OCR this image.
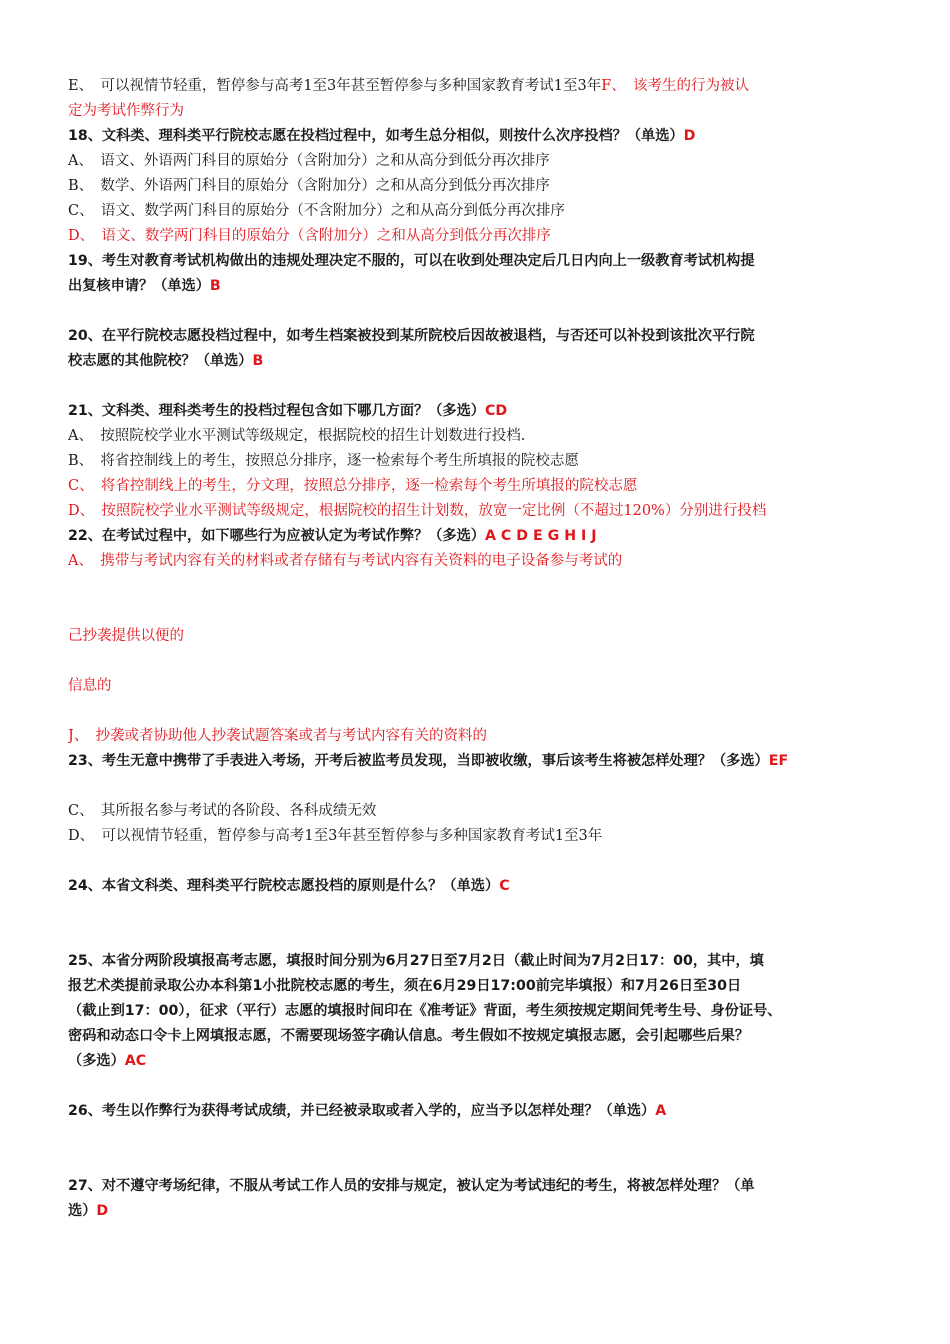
E、　可以视情节轻重，暂停参与高考1至3年甚至暂停参与多种国家教育考试1至3年F、　该考生的行为被认
定为考试作弊行为
18、文科类、理科类平行院校志愿在投档过程中，如考生总分相似，则按什么次序投档？（单选）D
A、　语文、外语两门科目的原始分（含附加分）之和从高分到低分再次排序
B、　数学、外语两门科目的原始分（含附加分）之和从高分到低分再次排序
C、　语文、数学两门科目的原始分（不含附加分）之和从高分到低分再次排序
D、　语文、数学两门科目的原始分（含附加分）之和从高分到低分再次排序
19、考生对教育考试机构做出的违规处理决定不服的，可以在收到处理决定后几日内向上一级教育考试机构提
出复核申请？（单选）B
20、在平行院校志愿投档过程中，如考生档案被投到某所院校后因故被退档，与否还可以补投到该批次平行院
校志愿的其他院校？（单选）B
21、文科类、理科类考生的投档过程包含如下哪几方面？（多选）CD
A、　按照院校学业水平测试等级规定，根据院校的招生计划数进行投档.
B、　将省控制线上的考生，按照总分排序，逐一检索每个考生所填报的院校志愿
C、　将省控制线上的考生，分文理，按照总分排序，逐一检索每个考生所填报的院校志愿
D、　按照院校学业水平测试等级规定，根据院校的招生计划数，放宽一定比例（不超过120%）分别进行投档
22、在考试过程中，如下哪些行为应被认定为考试作弊？（多选）A C D E G H I J
A、　携带与考试内容有关的材料或者存储有与考试内容有关资料的电子设备参与考试的
己抄袭提供以便的
信息的
J、　抄袭或者协助他人抄袭试题答案或者与考试内容有关的资料的
23、考生无意中携带了手表进入考场，开考后被监考员发现，当即被收缴，事后该考生将被怎样处理？（多选）EF
C、　其所报名参与考试的各阶段、各科成绩无效
D、　可以视情节轻重，暂停参与高考1至3年甚至暂停参与多种国家教育考试1至3年
24、本省文科类、理科类平行院校志愿投档的原则是什么？（单选）C
25、本省分两阶段填报高考志愿，填报时间分别为6月27日至7月2日（截止时间为7月2日17：00，其中，填
报艺术类提前录取公办本科第1小批院校志愿的考生，须在6月29日17:00前完毕填报）和7月26日至30日
（截止到17：00），征求（平行）志愿的填报时间印在《准考证》背面，考生须按规定期间凭考生号、身份证号、
密码和动态口令卡上网填报志愿，不需要现场签字确认信息。考生假如不按规定填报志愿，会引起哪些后果？
（多选）AC
26、考生以作弊行为获得考试成绩，并已经被录取或者入学的，应当予以怎样处理？（单选）A
27、对不遵守考场纪律，不服从考试工作人员的安排与规定，被认定为考试违纪的考生，将被怎样处理？（单
选）D
